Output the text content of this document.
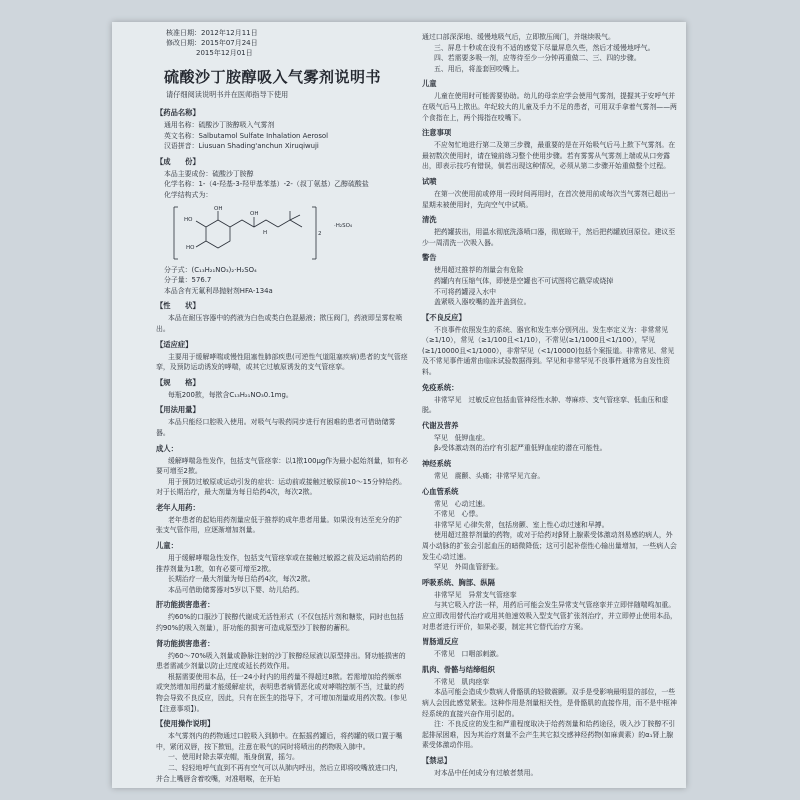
核准日期：2012年12月11日
修改日期：2015年07月24日
2015年12月01日
硫酸沙丁胺醇吸入气雾剂说明书
请仔细阅读说明书并在医师指导下使用
【药品名称】
通用名称：硫酸沙丁胺醇吸入气雾剂
英文名称：Salbutamol Sulfate Inhalation Aerosol
汉语拼音：Liusuan Shading'anchun Xiruqiwuji
【成　　份】
本品主要成份：硫酸沙丁胺醇
化学名称：1-（4-羟基-3-羟甲基苯基）-2-（叔丁氨基）乙醇硫酸盐
化学结构式为：
OH
HO
HO
OH
H	2
·H₂SO₄
分子式：(C₁₃H₂₁NO₃)₂·H₂SO₄
分子量：576.7
本品含有无氟利昂抛射剂HFA-134a
【性　　状】

本品在耐压容器中的药液为白色或类白色混悬液；揿压阀门，药液即呈雾粒喷出。

【适应症】

主要用于缓解哮喘或慢性阻塞性肺部疾患(可逆性气道阻塞疾病)患者的支气管痉挛，及预防运动诱发的哮喘，或其它过敏原诱发的支气管痉挛。

【规　　格】

每瓶200揿，每揿含C₁₃H₂₁NO₃0.1mg。

【用法用量】

本品只能经口腔吸入使用。对吸气与吸药同步进行有困难的患者可借助储雾器。

成人：

缓解哮喘急性发作，包括支气管痉挛：以1揿100μg作为最小起始剂量，如有必要可增至2揿。

用于预防过敏原或运动引发的症状：运动前或接触过敏原前10～15分钟给药。对于长期治疗，最大剂量为每日给药4次，每次2揿。

老年人用药：

老年患者的起始用药剂量应低于推荐的成年患者用量。如果没有达至充分的扩张支气管作用，应逐渐增加剂量。

儿童：

用于缓解哮喘急性发作，包括支气管痉挛或在接触过敏源之前及运动前给药的推荐剂量为1揿，如有必要可增至2揿。

长期治疗一最大剂量为每日给药4次，每次2揿。

本品可借助储雾器对5岁以下婴、幼儿给药。

肝功能损害患者：

约60%的口服沙丁胺醇代谢成无活性形式（不仅包括片剂和糖浆，同时也包括约90%的吸入剂量），肝功能的损害可造成原型沙丁胺醇的蓄积。

肾功能损害患者：

约60～70%吸入剂量或静脉注射的沙丁胺醇经尿液以原型排出。肾功能损害的患者需减少剂量以防止过度或延长药效作用。

根据需要使用本品，任一24小时内的用药量不得超过8揿。若需增加给药频率或突然增加用药量才能缓解症状，表明患者病情恶化或对哮喘控制不当，过量的药物会导致不良反应，因此，只有在医生的指导下，才可增加剂量或用药次数。(参见【注意事项】)。

【使用操作说明】

本气雾剂内的药物通过口腔吸入到肺中。在振摇药罐后，将药罐的吸口置于嘴中，紧闭双唇，按下揿钮，注意在吸气的同时将喷出的药物吸入肺中。

一、使用时除去罩壳帽，瓶身倒置，摇匀。

二、轻轻地呼气直到不再有空气可以从肺内呼出，然后立即将咬嘴放进口内，并合上嘴唇含着咬嘴，对准咽喉，在开始

通过口部深深地、缓慢地吸气后，立即揿压阀门，并继续吸气。

三、屏息十秒或在没有不适的感觉下尽量屏息久些，然后才缓慢地呼气。

四、若需要多吸一剂，应等待至少一分钟再重做二、三、四的步骤。

五、用后，将盖套回咬嘴上。

儿童

儿童在使用时可能需要协助。幼儿的母亲应学会使用气雾剂，提握其于安呼气并在吸气后马上揿出。年纪较大的儿童及手力不足的患者，可用双手拿着气雾剂——两个食指在上，两个拇指在咬嘴下。

注意事项

不应匆忙地进行第二及第三步骤，最重要的是在开始吸气后马上揿下气雾剂。在最初数次使用时，请在镜前练习整个使用步骤。若有雾雾从气雾剂上端或从口旁露出，即表示技巧有错误，倘若出现这种情况，必须从第二步骤开始重做整个过程。

试喷

在第一次使用前或停用一段时间再用时，在首次使用前或每次当气雾剂已超出一星期未被使用时，先向空气中试喷。

清洗

把药罐拔出，用温水彻底洗涤喷口器，彻底晾干，然后把药罐放回原位。建议至少一周清洗一次吸入器。

警告

使用超过推荐的剂量会有危险

药罐内有压缩气体，即使是空罐也不可试图将它戳穿或烧掉

不可将药罐浸入水中

盖紧吸入器咬嘴的盖并盖到位。

【不良反应】

不良事件依照发生的系统、器官和发生率分别列出。发生率定义为：非常常见（≥1/10），常见（≥1/100且<1/10），不常见(≥1/1000且<1/100），罕见(≥1/10000且<1/1000），非常罕见（<1/10000)包括个案报道。非常常见、常见及不常见事件通常由临床试验数据得到。罕见和非常罕见不良事件通常为自发性资料。

免疫系统：

非常罕见　过敏反应包括血管神经性水肿、荨麻疹、支气管痉挛、低血压和虚脱。

代谢及营养

罕见　低钾血症。

β₂受体激动剂的治疗有引起严重低钾血症的潜在可能性。

神经系统

常见　震颤、头痛；非常罕见亢奋。

心血管系统

常见　心动过速。

不常见　心悸。

非常罕见 心律失常，包括房颤、室上性心动过速和早搏。

使用超过推荐剂量的药物，或对于给药对β肾上腺素受体激动剂易感的病人，外周小动脉的扩张会引起血压的暗微降低；这可引起补偿性心输出量增加，一些病人会发生心动过速。

罕见　外周血管舒张。

呼吸系统、胸部、纵隔

非常罕见　异常支气管痉挛

与其它吸入疗法一样，用药后可能会发生异常支气管痉挛并立即伴随喘鸣加重。应立即改用替代治疗或用其他速效吸入型支气管扩张剂治疗，并立即停止使用本品，对患者进行评价，如果必要，制定其它替代治疗方案。

胃肠道反应

不常见　口咽部刺激。

肌肉、骨骼与结缔组织

不常见　肌肉痉挛

本品可能会造成少数病人骨骼肌的轻微震颤。双手是受影响最明显的部位，一些病人会因此感觉紧张。这种作用是剂量相关性，是骨骼肌的直接作用，而不是中枢神经系统的直接兴奋作用引起的。

注：不良反应的发生和严重程度取决于给药剂量和给药途径，吸入沙丁胺醇不引起排尿困难，因为其治疗剂量不会产生其它拟交感神经药物(如麻黄素）的α₁肾上腺素受体激动作用。

【禁忌】

对本品中任何成分有过敏者禁用。
